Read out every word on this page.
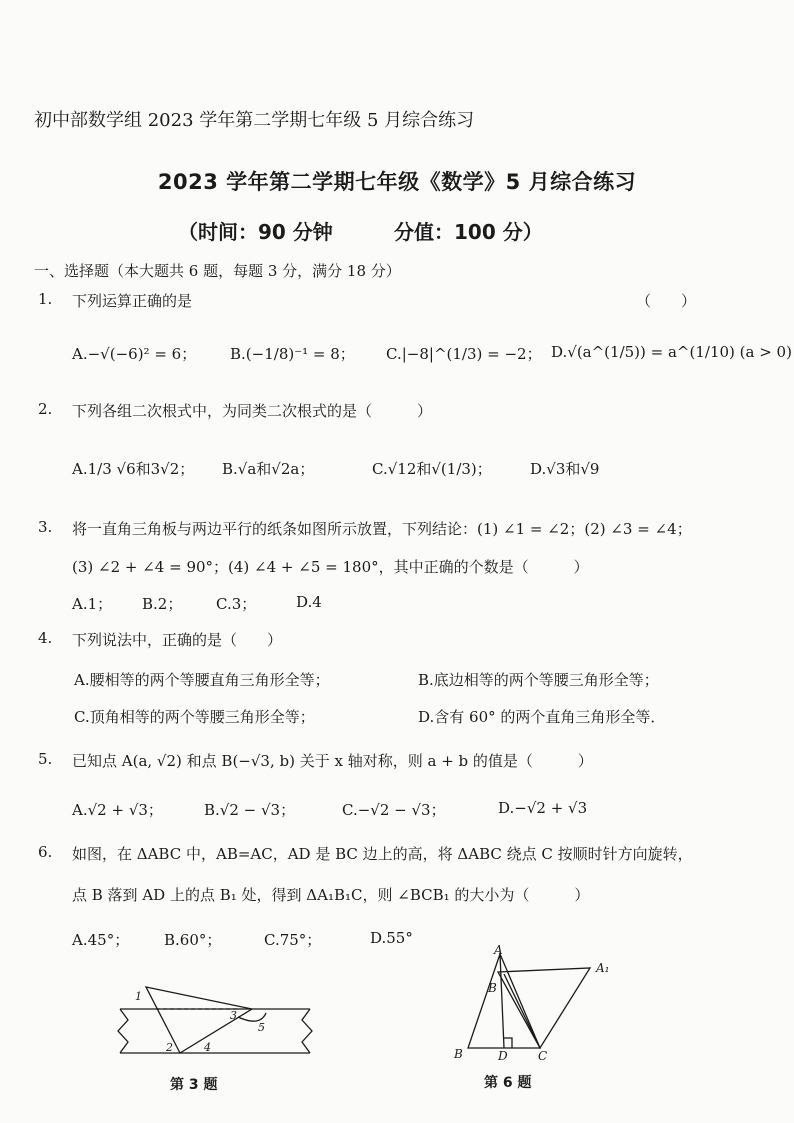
初中部数学组 2023 学年第二学期七年级 5 月综合练习
2023 学年第二学期七年级《数学》5 月综合练习
（时间：90 分钟	分值：100 分）
一、选择题（本大题共 6 题，每题 3 分，满分 18 分）
1. 下列运算正确的是	（　　）
A.−√(−6)² = 6； B.(−1/8)⁻¹ = 8； C.|−8|^(1/3) = −2； D.√(a^(1/5)) = a^(1/10) (a > 0)
2. 下列各组二次根式中，为同类二次根式的是（　　　）
A.1/3 √6和3√2； B.√a和√2a；	C.√12和√(1/3)；	D.√3和√9
3. 将一直角三角板与两边平行的纸条如图所示放置，下列结论：(1) ∠1 = ∠2；(2) ∠3 = ∠4；
(3) ∠2 + ∠4 = 90°；(4) ∠4 + ∠5 = 180°，其中正确的个数是（　　　）
A.1； B.2； C.3；	D.4
4. 下列说法中，正确的是（　　）
A.腰相等的两个等腰直角三角形全等；	B.底边相等的两个等腰三角形全等；
C.顶角相等的两个等腰三角形全等；	D.含有 60° 的两个直角三角形全等．
5. 已知点 A(a, √2) 和点 B(−√3, b) 关于 x 轴对称，则 a + b 的值是（　　　）
A.√2 + √3；	B.√2 − √3；	C.−√2 − √3；	D.−√2 + √3
6. 如图，在 ΔABC 中，AB=AC，AD 是 BC 边上的高，将 ΔABC 绕点 C 按顺时针方向旋转，
点 B 落到 AD 上的点 B₁ 处，得到 ΔA₁B₁C，则 ∠BCB₁ 的大小为（　　　）
A.45°； B.60°；	C.75°；	D.55°
1
2
3
4
5
第 3 题
A
A₁
B
B	D	C
第 6 题
